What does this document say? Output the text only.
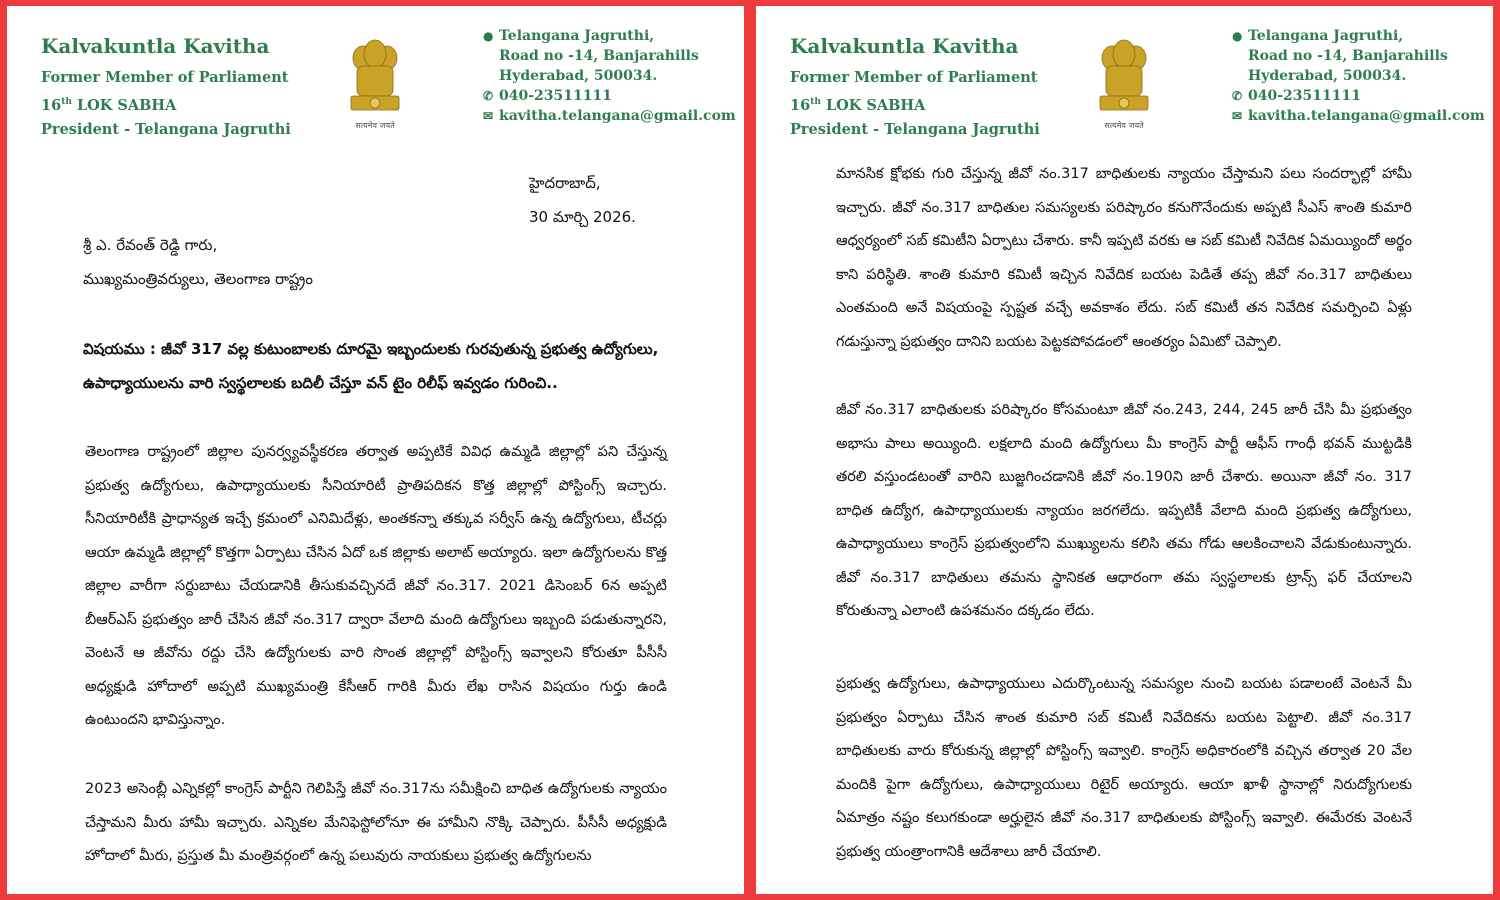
Kalvakuntla Kavitha
Former Member of Parliament
16th LOK SABHA
President - Telangana Jagruthi	सत्यमेव जयते
● Telangana Jagruthi,
Road no -14, Banjarahills
Hyderabad, 500034.
✆ 040-23511111
✉ kavitha.telangana@gmail.com
హైదరాబాద్,
30 మార్చి 2026.
శ్రీ ఎ. రేవంత్ రెడ్డి గారు,
ముఖ్యమంత్రివర్యులు, తెలంగాణ రాష్ట్రం
విషయము : జీవో 317 వల్ల కుటుంబాలకు దూరమై ఇబ్బందులకు గురవుతున్న ప్రభుత్వ ఉద్యోగులు, ఉపాధ్యాయులను వారి స్వస్థలాలకు బదిలీ చేస్తూ వన్ టైం రిలీఫ్ ఇవ్వడం గురించి..

తెలంగాణ రాష్ట్రంలో జిల్లాల పునర్వ్యవస్థీకరణ తర్వాత అప్పటికే వివిధ ఉమ్మడి జిల్లాల్లో పని చేస్తున్న ప్రభుత్వ ఉద్యోగులు, ఉపాధ్యాయులకు సీనియారిటీ ప్రాతిపదికన కొత్త జిల్లాల్లో పోస్టింగ్స్ ఇచ్చారు. సీనియారిటీకి ప్రాధాన్యత ఇచ్చే క్రమంలో ఎనిమిదేళ్లు, అంతకన్నా తక్కువ సర్వీస్ ఉన్న ఉద్యోగులు, టీచర్లు ఆయా ఉమ్మడి జిల్లాల్లో కొత్తగా ఏర్పాటు చేసిన ఏదో ఒక జిల్లాకు అలాట్ అయ్యారు. ఇలా ఉద్యోగులను కొత్త జిల్లాల వారీగా సర్దుబాటు చేయడానికి తీసుకువచ్చినదే జీవో నం.317. 2021 డిసెంబర్ 6న అప్పటి బీఆర్ఎస్ ప్రభుత్వం జారీ చేసిన జీవో నం.317 ద్వారా వేలాది మంది ఉద్యోగులు ఇబ్బంది పడుతున్నారని, వెంటనే ఆ జీవోను రద్దు చేసి ఉద్యోగులకు వారి సొంత జిల్లాల్లో పోస్టింగ్స్ ఇవ్వాలని కోరుతూ పీసీసీ అధ్యక్షుడి హోదాలో అప్పటి ముఖ్యమంత్రి కేసీఆర్ గారికి మీరు లేఖ రాసిన విషయం గుర్తు ఉండి ఉంటుందని భావిస్తున్నాం.

2023 అసెంబ్లీ ఎన్నికల్లో కాంగ్రెస్ పార్టీని గెలిపిస్తే జీవో నం.317ను సమీక్షించి బాధిత ఉద్యోగులకు న్యాయం చేస్తామని మీరు హామీ ఇచ్చారు. ఎన్నికల మేనిఫెస్టోలోనూ ఈ హామీని నొక్కి చెప్పారు. పీసీసీ అధ్యక్షుడి హోదాలో మీరు, ప్రస్తుత మీ మంత్రివర్గంలో ఉన్న పలువురు నాయకులు ప్రభుత్వ ఉద్యోగులను

Kalvakuntla Kavitha
Former Member of Parliament
16th LOK SABHA
President - Telangana Jagruthi	सत्यमेव जयते
● Telangana Jagruthi,
Road no -14, Banjarahills
Hyderabad, 500034.
✆ 040-23511111
✉ kavitha.telangana@gmail.com

మానసిక క్షోభకు గురి చేస్తున్న జీవో నం.317 బాధితులకు న్యాయం చేస్తామని పలు సందర్భాల్లో హామీ ఇచ్చారు. జీవో నం.317 బాధితుల సమస్యలకు పరిష్కారం కనుగొనేందుకు అప్పటి సీఎస్ శాంతి కుమారి ఆధ్వర్యంలో సబ్ కమిటీని ఏర్పాటు చేశారు. కానీ ఇప్పటి వరకు ఆ సబ్ కమిటీ నివేదిక ఏమయ్యిందో అర్థం కాని పరిస్థితి. శాంతి కుమారి కమిటీ ఇచ్చిన నివేదిక బయట పెడితే తప్ప జీవో నం.317 బాధితులు ఎంతమంది అనే విషయంపై స్పష్టత వచ్చే అవకాశం లేదు. సబ్ కమిటీ తన నివేదిక సమర్పించి ఏళ్లు గడుస్తున్నా ప్రభుత్వం దానిని బయట పెట్టకపోవడంలో ఆంతర్యం ఏమిటో చెప్పాలి.

జీవో నం.317 బాధితులకు పరిష్కారం కోసమంటూ జీవో నం.243, 244, 245 జారీ చేసి మీ ప్రభుత్వం అభాసు పాలు అయ్యింది. లక్షలాది మంది ఉద్యోగులు మీ కాంగ్రెస్ పార్టీ ఆఫీస్ గాంధీ భవన్ ముట్టడికి తరలి వస్తుండటంతో వారిని బుజ్జగించడానికి జీవో నం.190ని జారీ చేశారు. అయినా జీవో నం. 317 బాధిత ఉద్యోగ, ఉపాధ్యాయులకు న్యాయం జరగలేదు. ఇప్పటికీ వేలాది మంది ప్రభుత్వ ఉద్యోగులు, ఉపాధ్యాయులు కాంగ్రెస్ ప్రభుత్వంలోని ముఖ్యులను కలిసి తమ గోడు ఆలకించాలని వేడుకుంటున్నారు. జీవో నం.317 బాధితులు తమను స్థానికత ఆధారంగా తమ స్వస్థలాలకు ట్రాన్స్ ఫర్ చేయాలని కోరుతున్నా ఎలాంటి ఉపశమనం దక్కడం లేదు.

ప్రభుత్వ ఉద్యోగులు, ఉపాధ్యాయులు ఎదుర్కొంటున్న సమస్యల నుంచి బయట పడాలంటే వెంటనే మీ ప్రభుత్వం ఏర్పాటు చేసిన శాంత కుమారి సబ్ కమిటీ నివేదికను బయట పెట్టాలి. జీవో నం.317 బాధితులకు వారు కోరుకున్న జిల్లాల్లో పోస్టింగ్స్ ఇవ్వాలి. కాంగ్రెస్ అధికారంలోకి వచ్చిన తర్వాత 20 వేల మందికి పైగా ఉద్యోగులు, ఉపాధ్యాయులు రిటైర్ అయ్యారు. ఆయా ఖాళీ స్థానాల్లో నిరుద్యోగులకు ఏమాత్రం నష్టం కలుగకుండా అర్హులైన జీవో నం.317 బాధితులకు పోస్టింగ్స్ ఇవ్వాలి. ఈమేరకు వెంటనే ప్రభుత్వ యంత్రాంగానికి ఆదేశాలు జారీ చేయాలి.
